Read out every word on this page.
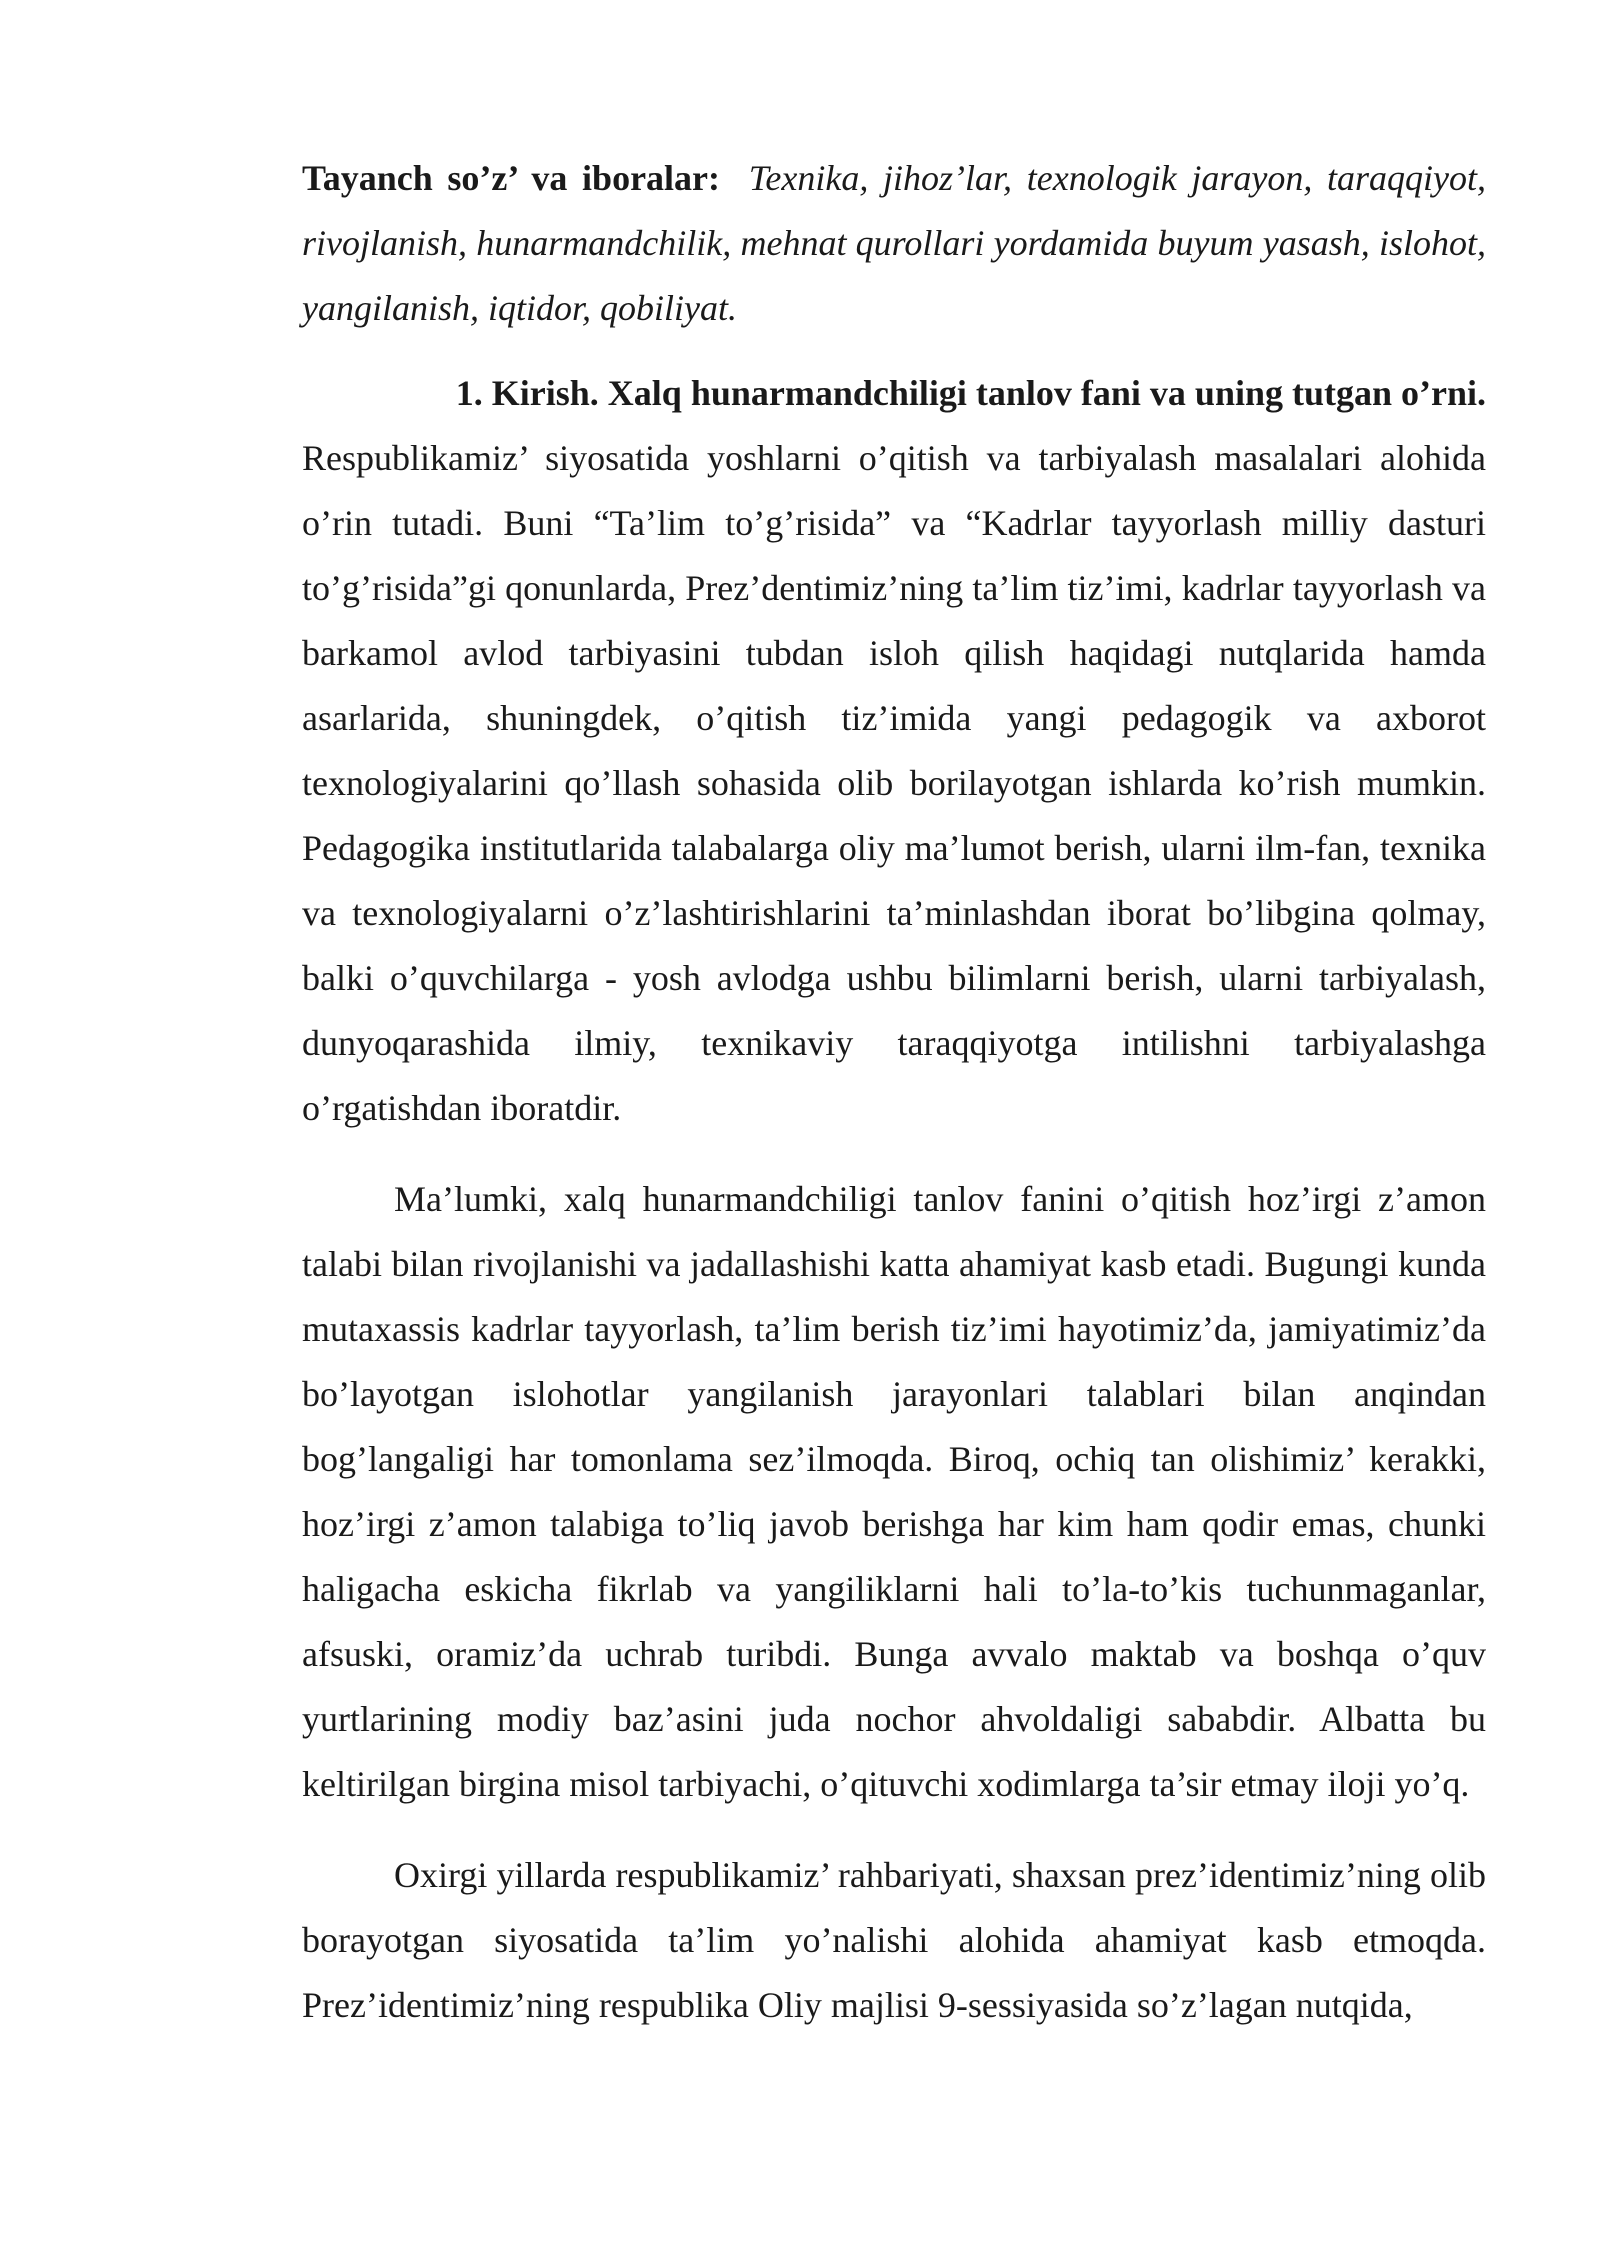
Tayanch so’z’ va iboralar: Texnika, jihoz’lar, texnologik jarayon, taraqqiyot, rivojlanish, hunarmandchilik, mehnat qurollari yordamida buyum yasash, islohot, yangilanish, iqtidor, qobiliyat.

1. Kirish. Xalq hunarmandchiligi tanlov fani va uning tutgan o’rni.

Respublikamiz’ siyosatida yoshlarni o’qitish va tarbiyalash masalalari alohida o’rin tutadi. Buni “Ta’lim to’g’risida” va “Kadrlar tayyorlash milliy dasturi to’g’risida”gi qonunlarda, Prez’dentimiz’ning ta’lim tiz’imi, kadrlar tayyorlash va barkamol avlod tarbiyasini tubdan isloh qilish haqidagi nutqlarida hamda asarlarida, shuningdek, o’qitish tiz’imida yangi pedagogik va axborot texnologiyalarini qo’llash sohasida olib borilayotgan ishlarda ko’rish mumkin. Pedagogika institutlarida talabalarga oliy ma’lumot berish, ularni ilm-fan, texnika va texnologiyalarni o’z’lashtirishlarini ta’minlashdan iborat bo’libgina qolmay, balki o’quvchilarga - yosh avlodga ushbu bilimlarni berish, ularni tarbiyalash, dunyoqarashida ilmiy, texnikaviy taraqqiyotga intilishni tarbiyalashga o’rgatishdan iboratdir.

Ma’lumki, xalq hunarmandchiligi tanlov fanini o’qitish hoz’irgi z’amon talabi bilan rivojlanishi va jadallashishi katta ahamiyat kasb etadi. Bugungi kunda mutaxassis kadrlar tayyorlash, ta’lim berish tiz’imi hayotimiz’da, jamiyatimiz’da bo’layotgan islohotlar yangilanish jarayonlari talablari bilan anqindan bog’langaligi har tomonlama sez’ilmoqda. Biroq, ochiq tan olishimiz’ kerakki, hoz’irgi z’amon talabiga to’liq javob berishga har kim ham qodir emas, chunki haligacha eskicha fikrlab va yangiliklarni hali to’la-to’kis tuchunmaganlar, afsuski, oramiz’da uchrab turibdi. Bunga avvalo maktab va boshqa o’quv yurtlarining modiy baz’asini juda nochor ahvoldaligi sababdir. Albatta bu keltirilgan birgina misol tarbiyachi, o’qituvchi xodimlarga ta’sir etmay iloji yo’q.

Oxirgi yillarda respublikamiz’ rahbariyati, shaxsan prez’identimiz’ning olib borayotgan siyosatida ta’lim yo’nalishi alohida ahamiyat kasb etmoqda. Prez’identimiz’ning respublika Oliy majlisi 9-sessiyasida so’z’lagan nutqida,
